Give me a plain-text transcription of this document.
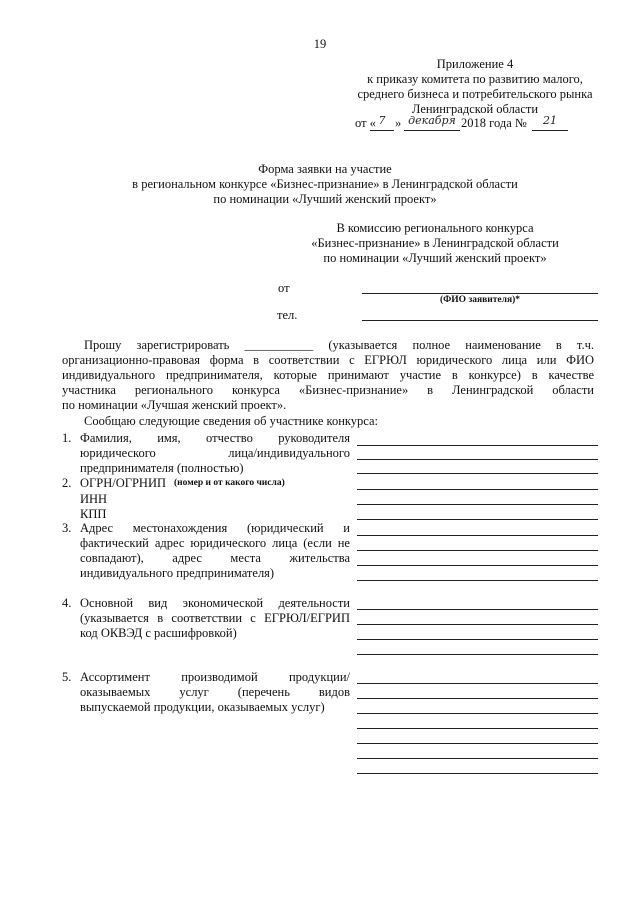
19
Приложение 4
к приказу комитета по развитию малого,
среднего бизнеса и потребительского рынка
Ленинградской области
от « 7 » декабря 2018 года №	21
Форма заявки на участие
в региональном конкурсе «Бизнес-признание» в Ленинградской области
по номинации «Лучший женский проект»
В комиссию регионального конкурса
«Бизнес-признание» в Ленинградской области
по номинации «Лучший женский проект»
от
(ФИО заявителя)*
тел.
Прошу зарегистрировать ___________ (указывается полное наименование в т.ч.
организационно-правовая форма в соответствии с ЕГРЮЛ юридического лица или ФИО
индивидуального предпринимателя, которые принимают участие в конкурсе) в качестве
участника регионального конкурса «Бизнес-признание» в Ленинградской области
по номинации «Лучшая женский проект».
Сообщаю следующие сведения об участнике конкурса:
1. Фамилия, имя, отчество руководителя
юридического лица/индивидуального
предпринимателя (полностью)
2. ОГРН/ОГРНИП (номер и от какого числа)
ИНН
КПП
3. Адрес местонахождения (юридический и
фактический адрес юридического лица (если не
совпадают), адрес места жительства
индивидуального предпринимателя)
4. Основной вид экономической деятельности
(указывается в соответствии с ЕГРЮЛ/ЕГРИП
код ОКВЭД с расшифровкой)
5. Ассортимент производимой продукции/
оказываемых услуг (перечень видов
выпускаемой продукции, оказываемых услуг)
